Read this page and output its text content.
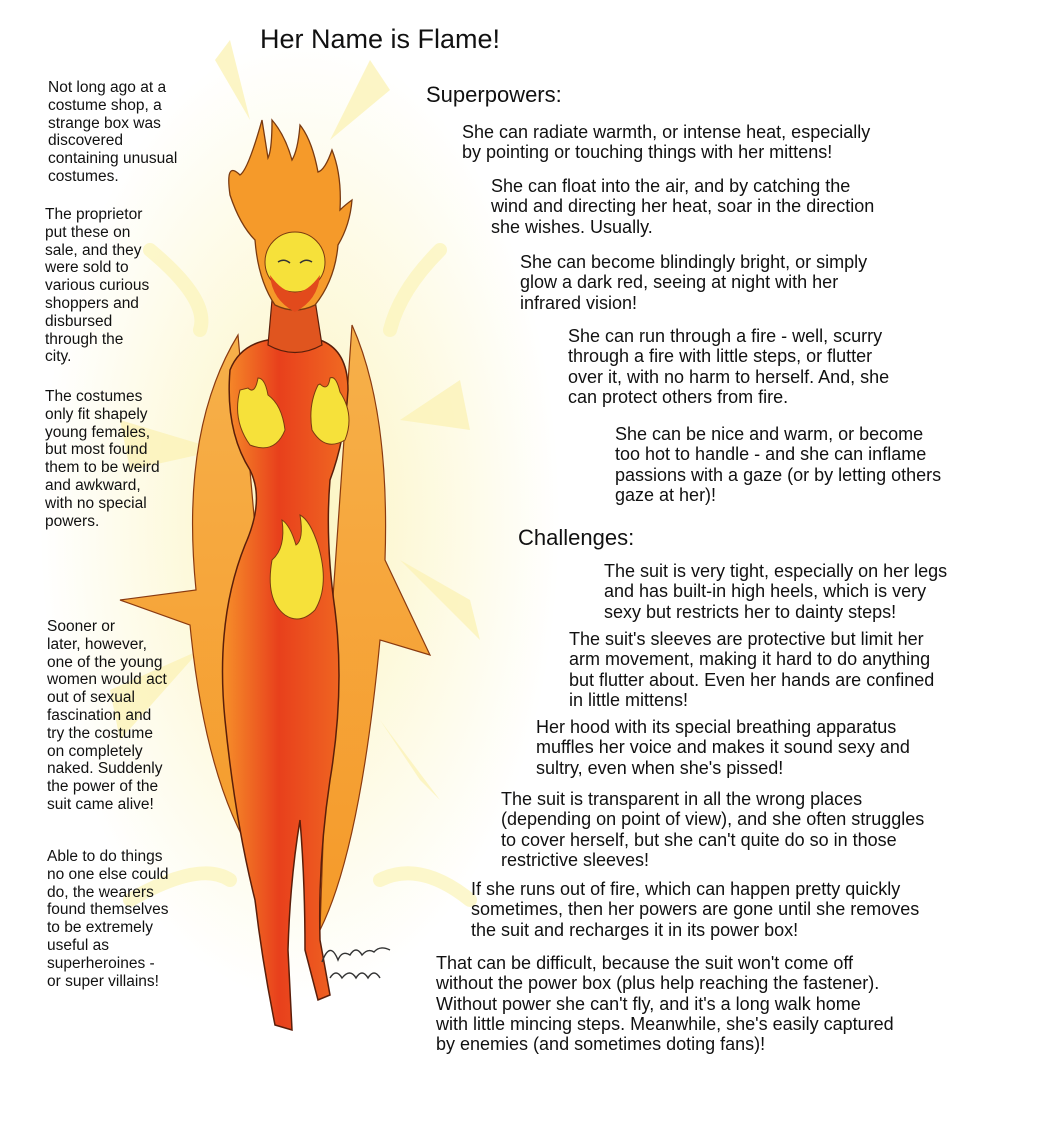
Her Name is Flame!
Not long ago at a
costume shop, a
strange box was
discovered
containing unusual
costumes.
The proprietor
put these on
sale, and they
were sold to
various curious
shoppers and
disbursed
through the
city.
The costumes
only fit shapely
young females,
but most found
them to be weird
and awkward,
with no special
powers.
Sooner or
later, however,
one of the young
women would act
out of sexual
fascination and
try the costume
on completely
naked. Suddenly
the power of the
suit came alive!
Able to do things
no one else could
do, the wearers
found themselves
to be extremely
useful as
superheroines -
or super villains!
Superpowers:
She can radiate warmth, or intense heat, especially
by pointing or touching things with her mittens!
She can float into the air, and by catching the
wind and directing her heat, soar in the direction
she wishes. Usually.
She can become blindingly bright, or simply
glow a dark red, seeing at night with her
infrared vision!
She can run through a fire - well, scurry
through a fire with little steps, or flutter
over it, with no harm to herself. And, she
can protect others from fire.
She can be nice and warm, or become
too hot to handle - and she can inflame
passions with a gaze (or by letting others
gaze at her)!
Challenges:
The suit is very tight, especially on her legs
and has built-in high heels, which is very
sexy but restricts her to dainty steps!
The suit's sleeves are protective but limit her
arm movement, making it hard to do anything
but flutter about. Even her hands are confined
in little mittens!
Her hood with its special breathing apparatus
muffles her voice and makes it sound sexy and
sultry, even when she's pissed!
The suit is transparent in all the wrong places
(depending on point of view), and she often struggles
to cover herself, but she can't quite do so in those
restrictive sleeves!
If she runs out of fire, which can happen pretty quickly
sometimes, then her powers are gone until she removes
the suit and recharges it in its power box!
That can be difficult, because the suit won't come off
without the power box (plus help reaching the fastener).
Without power she can't fly, and it's a long walk home
with little mincing steps. Meanwhile, she's easily captured
by enemies (and sometimes doting fans)!
